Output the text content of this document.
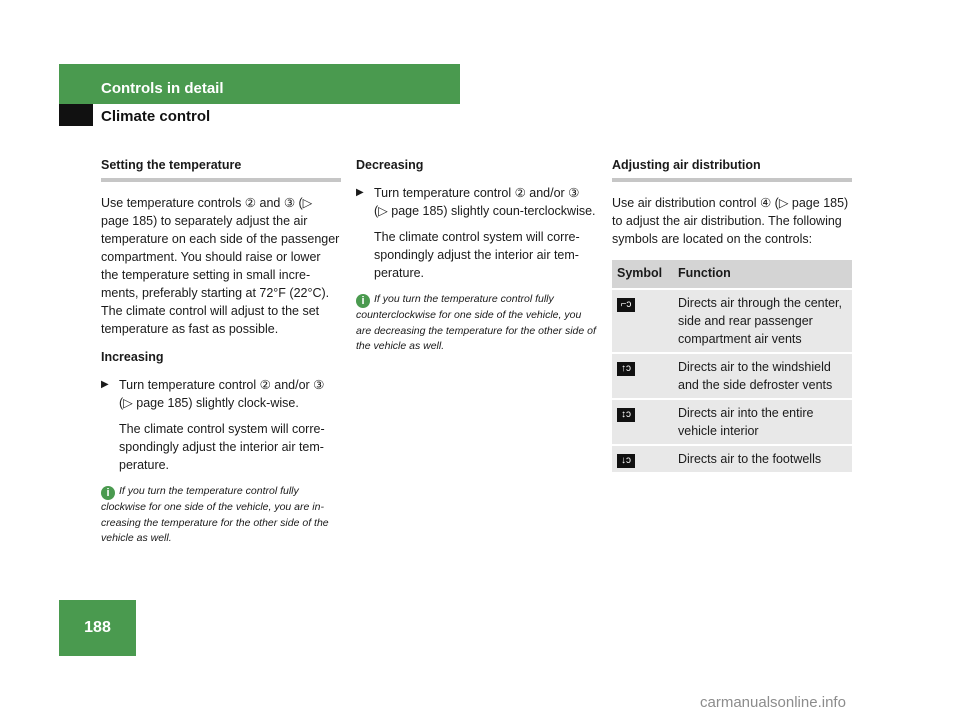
Controls in detail
Climate control
Setting the temperature

Use temperature controls ② and ③ (▷ page 185) to separately adjust the air temperature on each side of the passenger compartment. You should raise or lower the temperature setting in small incre-ments, preferably starting at 72°F (22°C). The climate control will adjust to the set temperature as fast as possible.

Increasing
▶ Turn temperature control ② and/or ③ (▷ page 185) slightly clock-wise.
The climate control system will corre-spondingly adjust the interior air tem-perature.
i If you turn the temperature control fully clockwise for one side of the vehicle, you are in-creasing the temperature for the other side of the vehicle as well.
Decreasing
▶ Turn temperature control ② and/or ③ (▷ page 185) slightly coun-terclockwise.
The climate control system will corre-spondingly adjust the interior air tem-perature.
i If you turn the temperature control fully counterclockwise for one side of the vehicle, you are decreasing the temperature for the other side of the vehicle as well.
Adjusting air distribution

Use air distribution control ④ (▷ page 185) to adjust the air distribution. The following symbols are located on the controls:

Symbol	Function
⌐ↄ	Directs air through the center, side and rear passenger compartment air vents
↑ↄ	Directs air to the windshield and the side defroster vents
↕ↄ	Directs air into the entire vehicle interior
↓ↄ	Directs air to the footwells
188
carmanualsonline.info
